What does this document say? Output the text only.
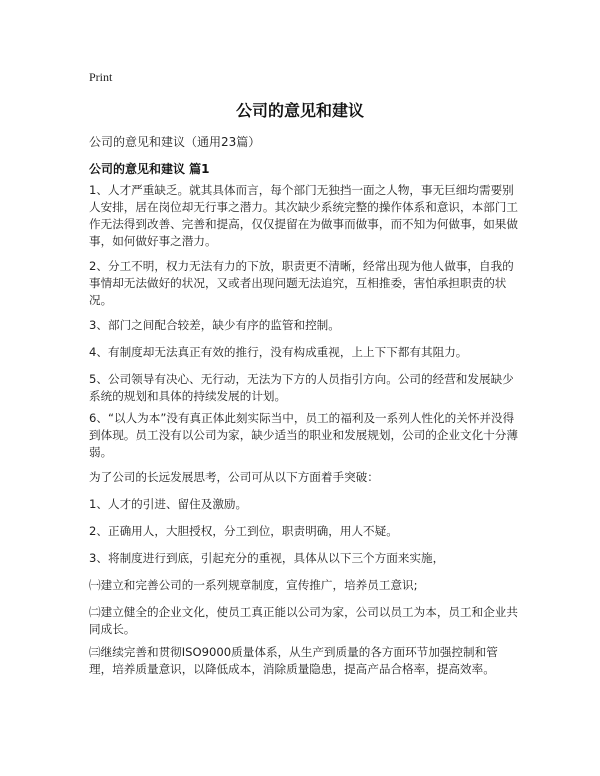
Print
公司的意见和建议
公司的意见和建议（通用23篇）
公司的意见和建议 篇1

1、人才严重缺乏。就其具体而言，每个部门无独挡一面之人物，事无巨细均需要别人安排，居在岗位却无行事之潜力。其次缺少系统完整的操作体系和意识，本部门工作无法得到改善、完善和提高，仅仅提留在为做事而做事，而不知为何做事，如果做事，如何做好事之潜力。

2、分工不明，权力无法有力的下放，职责更不清晰，经常出现为他人做事，自我的事情却无法做好的状况，又或者出现问题无法追究，互相推委，害怕承担职责的状况。

3、部门之间配合较差，缺少有序的监管和控制。

4、有制度却无法真正有效的推行，没有构成重视，上上下下都有其阻力。

5、公司领导有决心、无行动，无法为下方的人员指引方向。公司的经营和发展缺少系统的规划和具体的持续发展的计划。

6、“以人为本”没有真正体此刻实际当中，员工的福利及一系列人性化的关怀并没得到体现。员工没有以公司为家，缺少适当的职业和发展规划，公司的企业文化十分薄弱。

为了公司的长远发展思考，公司可从以下方面着手突破：

1、人才的引进、留住及激励。

2、正确用人，大胆授权，分工到位，职责明确，用人不疑。

3、将制度进行到底，引起充分的重视，具体从以下三个方面来实施，

㈠建立和完善公司的一系列规章制度，宣传推广，培养员工意识;

㈡建立健全的企业文化，使员工真正能以公司为家，公司以员工为本，员工和企业共同成长。

㈢继续完善和贯彻ISO9000质量体系，从生产到质量的各方面环节加强控制和管理，培养质量意识，以降低成本，消除质量隐患，提高产品合格率，提高效率。
